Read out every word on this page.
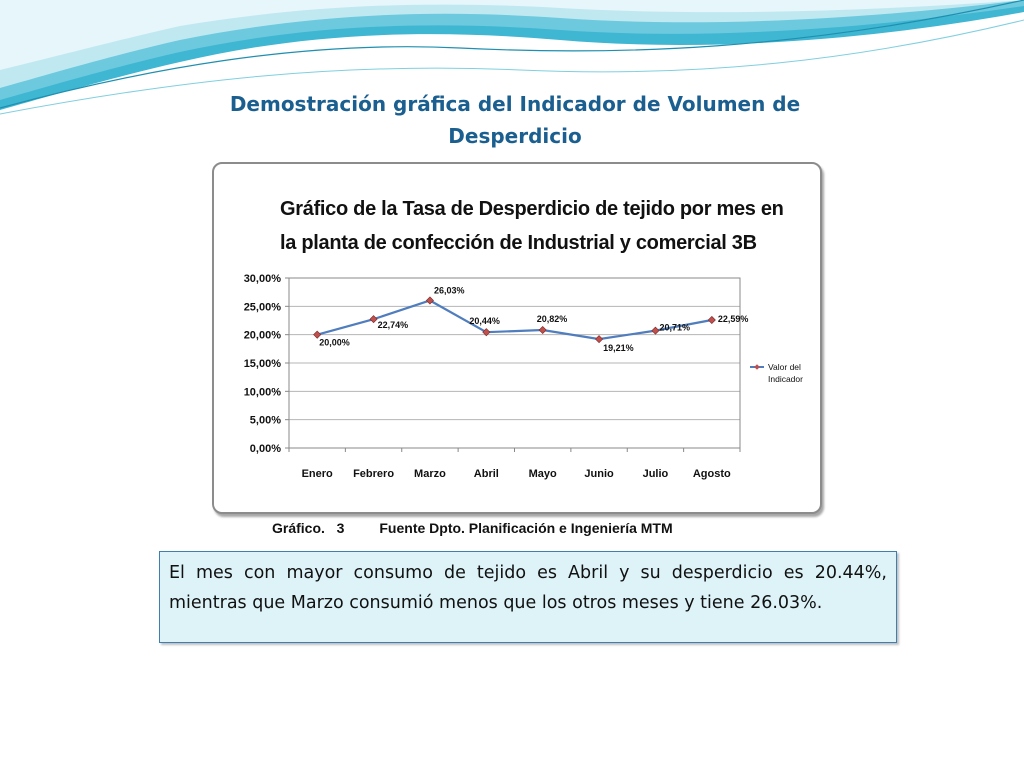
Demostración gráfica del Indicador de Volumen de Desperdicio
Gráfico de la Tasa de Desperdicio de tejido por mes en
la planta de confección de Industrial y comercial 3B
0,00%
5,00%
10,00%
15,00%
20,00%
25,00%
30,00%
Enero Febrero Marzo	Abril	Mayo	Junio	Julio Agosto
20,00%
22,74%
26,03%
20,44%	20,82%
19,21%
20,71%
22,59%
Valor del
Indicador
Gráfico.   3	Fuente Dpto. Planificación e Ingeniería MTM
El mes con mayor consumo de tejido es Abril y su desperdicio es 20.44%, mientras que Marzo consumió menos que los otros meses y tiene 26.03%.
